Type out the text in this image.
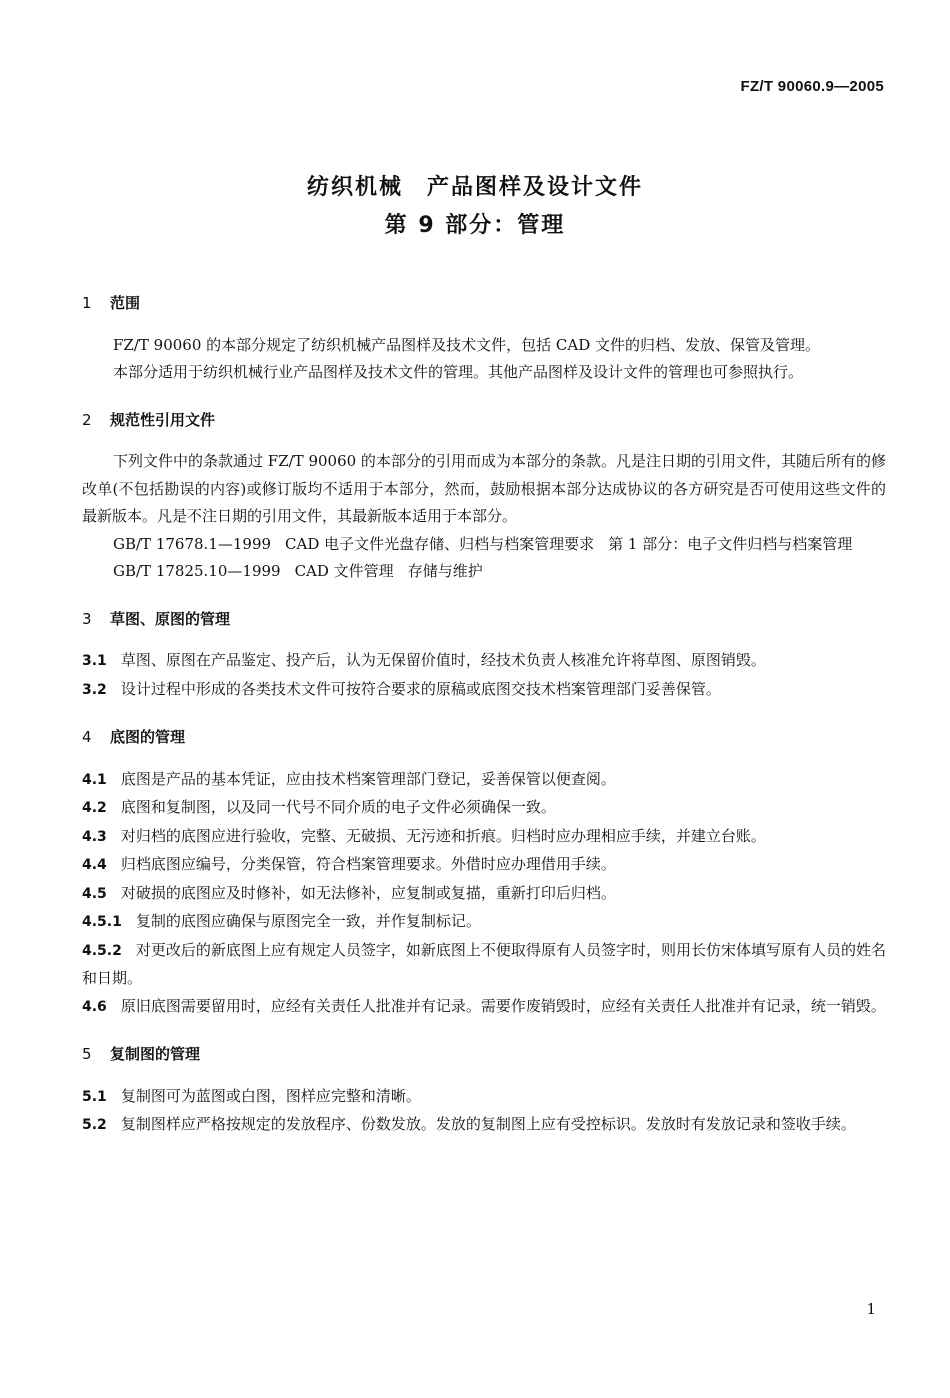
FZ/T 90060.9—2005
纺织机械　产品图样及设计文件
第 9 部分：管理

1 范围

FZ/T 90060 的本部分规定了纺织机械产品图样及技术文件，包括 CAD 文件的归档、发放、保管及管理。

本部分适用于纺织机械行业产品图样及技术文件的管理。其他产品图样及设计文件的管理也可参照执行。

2 规范性引用文件

下列文件中的条款通过 FZ/T 90060 的本部分的引用而成为本部分的条款。凡是注日期的引用文件，其随后所有的修改单(不包括勘误的内容)或修订版均不适用于本部分，然而，鼓励根据本部分达成协议的各方研究是否可使用这些文件的最新版本。凡是不注日期的引用文件，其最新版本适用于本部分。

GB/T 17678.1—1999 CAD 电子文件光盘存储、归档与档案管理要求 第 1 部分：电子文件归档与档案管理

GB/T 17825.10—1999 CAD 文件管理 存储与维护

3 草图、原图的管理

3.1 草图、原图在产品鉴定、投产后，认为无保留价值时，经技术负责人核准允许将草图、原图销毁。

3.2 设计过程中形成的各类技术文件可按符合要求的原稿或底图交技术档案管理部门妥善保管。

4 底图的管理

4.1 底图是产品的基本凭证，应由技术档案管理部门登记，妥善保管以便查阅。

4.2 底图和复制图，以及同一代号不同介质的电子文件必须确保一致。

4.3 对归档的底图应进行验收，完整、无破损、无污迹和折痕。归档时应办理相应手续，并建立台账。

4.4 归档底图应编号，分类保管，符合档案管理要求。外借时应办理借用手续。

4.5 对破损的底图应及时修补，如无法修补，应复制或复描，重新打印后归档。

4.5.1 复制的底图应确保与原图完全一致，并作复制标记。

4.5.2 对更改后的新底图上应有规定人员签字，如新底图上不便取得原有人员签字时，则用长仿宋体填写原有人员的姓名和日期。

4.6 原旧底图需要留用时，应经有关责任人批准并有记录。需要作废销毁时，应经有关责任人批准并有记录，统一销毁。

5 复制图的管理

5.1 复制图可为蓝图或白图，图样应完整和清晰。

5.2 复制图样应严格按规定的发放程序、份数发放。发放的复制图上应有受控标识。发放时有发放记录和签收手续。

1
